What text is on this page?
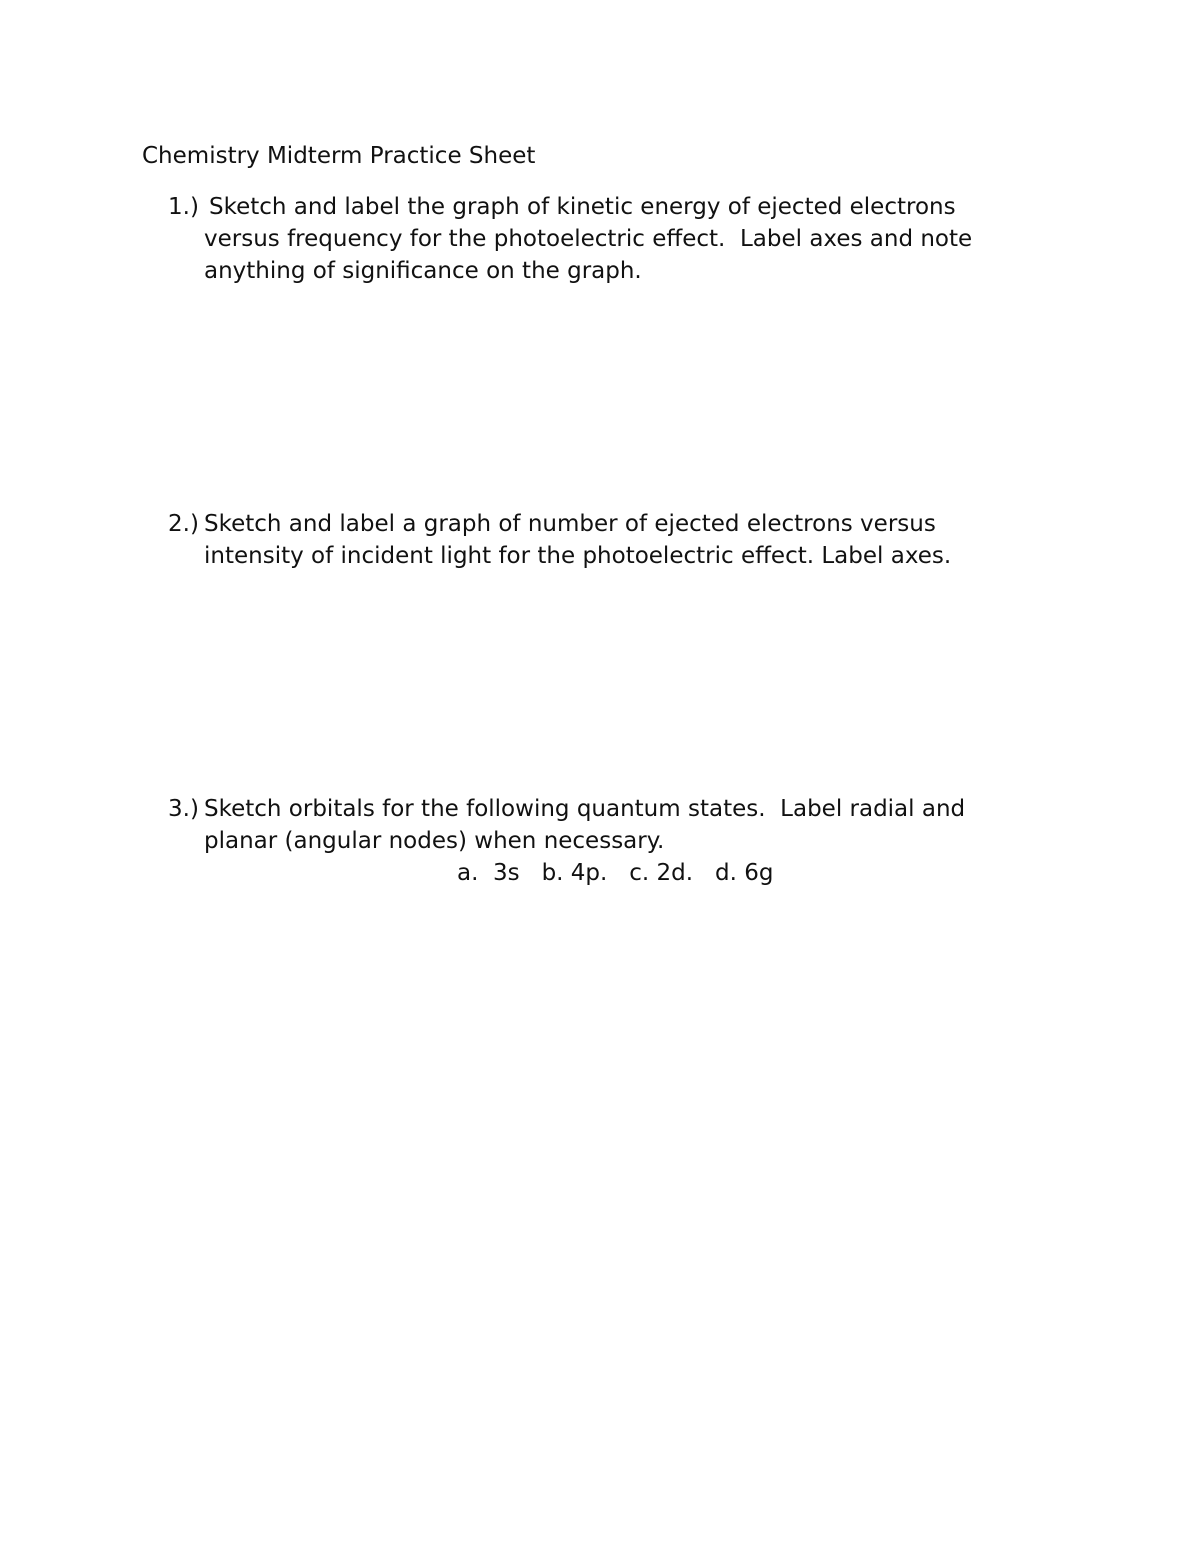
Chemistry Midterm Practice Sheet
1.) Sketch and label the graph of kinetic energy of ejected electrons
versus frequency for the photoelectric effect.  Label axes and note
anything of significance on the graph.
2.) Sketch and label a graph of number of ejected electrons versus
intensity of incident light for the photoelectric effect. Label axes.
3.) Sketch orbitals for the following quantum states.  Label radial and
planar (angular nodes) when necessary.
a.  3s   b. 4p.   c. 2d.   d. 6g
